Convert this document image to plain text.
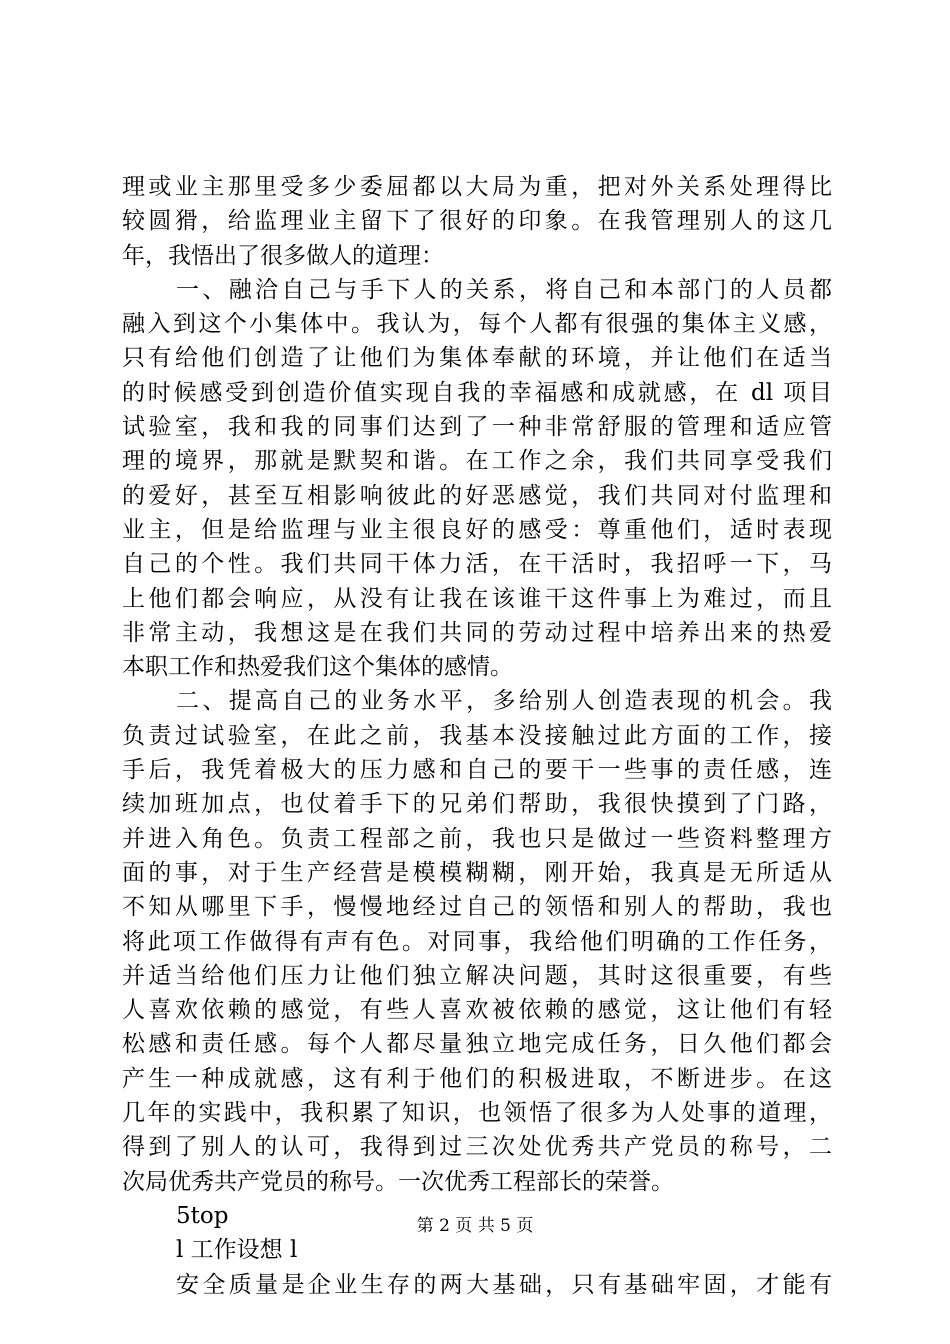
理或业主那里受多少委屈都以大局为重，把对外关系处理得比
较圆猾，给监理业主留下了很好的印象。在我管理别人的这几
年，我悟出了很多做人的道理：
一、融洽自己与手下人的关系，将自己和本部门的人员都
融入到这个小集体中。我认为，每个人都有很强的集体主义感，
只有给他们创造了让他们为集体奉献的环境，并让他们在适当
的时候感受到创造价值实现自我的幸福感和成就感，在 dl 项目
试验室，我和我的同事们达到了一种非常舒服的管理和适应管
理的境界，那就是默契和谐。在工作之余，我们共同享受我们
的爱好，甚至互相影响彼此的好恶感觉，我们共同对付监理和
业主，但是给监理与业主很良好的感受：尊重他们，适时表现
自己的个性。我们共同干体力活，在干活时，我招呼一下，马
上他们都会响应，从没有让我在该谁干这件事上为难过，而且
非常主动，我想这是在我们共同的劳动过程中培养出来的热爱
本职工作和热爱我们这个集体的感情。
二、提高自己的业务水平，多给别人创造表现的机会。我
负责过试验室，在此之前，我基本没接触过此方面的工作，接
手后，我凭着极大的压力感和自己的要干一些事的责任感，连
续加班加点，也仗着手下的兄弟们帮助，我很快摸到了门路，
并进入角色。负责工程部之前，我也只是做过一些资料整理方
面的事，对于生产经营是模模糊糊，刚开始，我真是无所适从
不知从哪里下手，慢慢地经过自己的领悟和别人的帮助，我也
将此项工作做得有声有色。对同事，我给他们明确的工作任务，
并适当给他们压力让他们独立解决问题，其时这很重要，有些
人喜欢依赖的感觉，有些人喜欢被依赖的感觉，这让他们有轻
松感和责任感。每个人都尽量独立地完成任务，日久他们都会
产生一种成就感，这有利于他们的积极进取，不断进步。在这
几年的实践中，我积累了知识，也领悟了很多为人处事的道理，
得到了别人的认可，我得到过三次处优秀共产党员的称号，二
次局优秀共产党员的称号。一次优秀工程部长的荣誉。
5top
l 工作设想 l
安全质量是企业生存的两大基础，只有基础牢固，才能有
第 2 页 共 5 页
